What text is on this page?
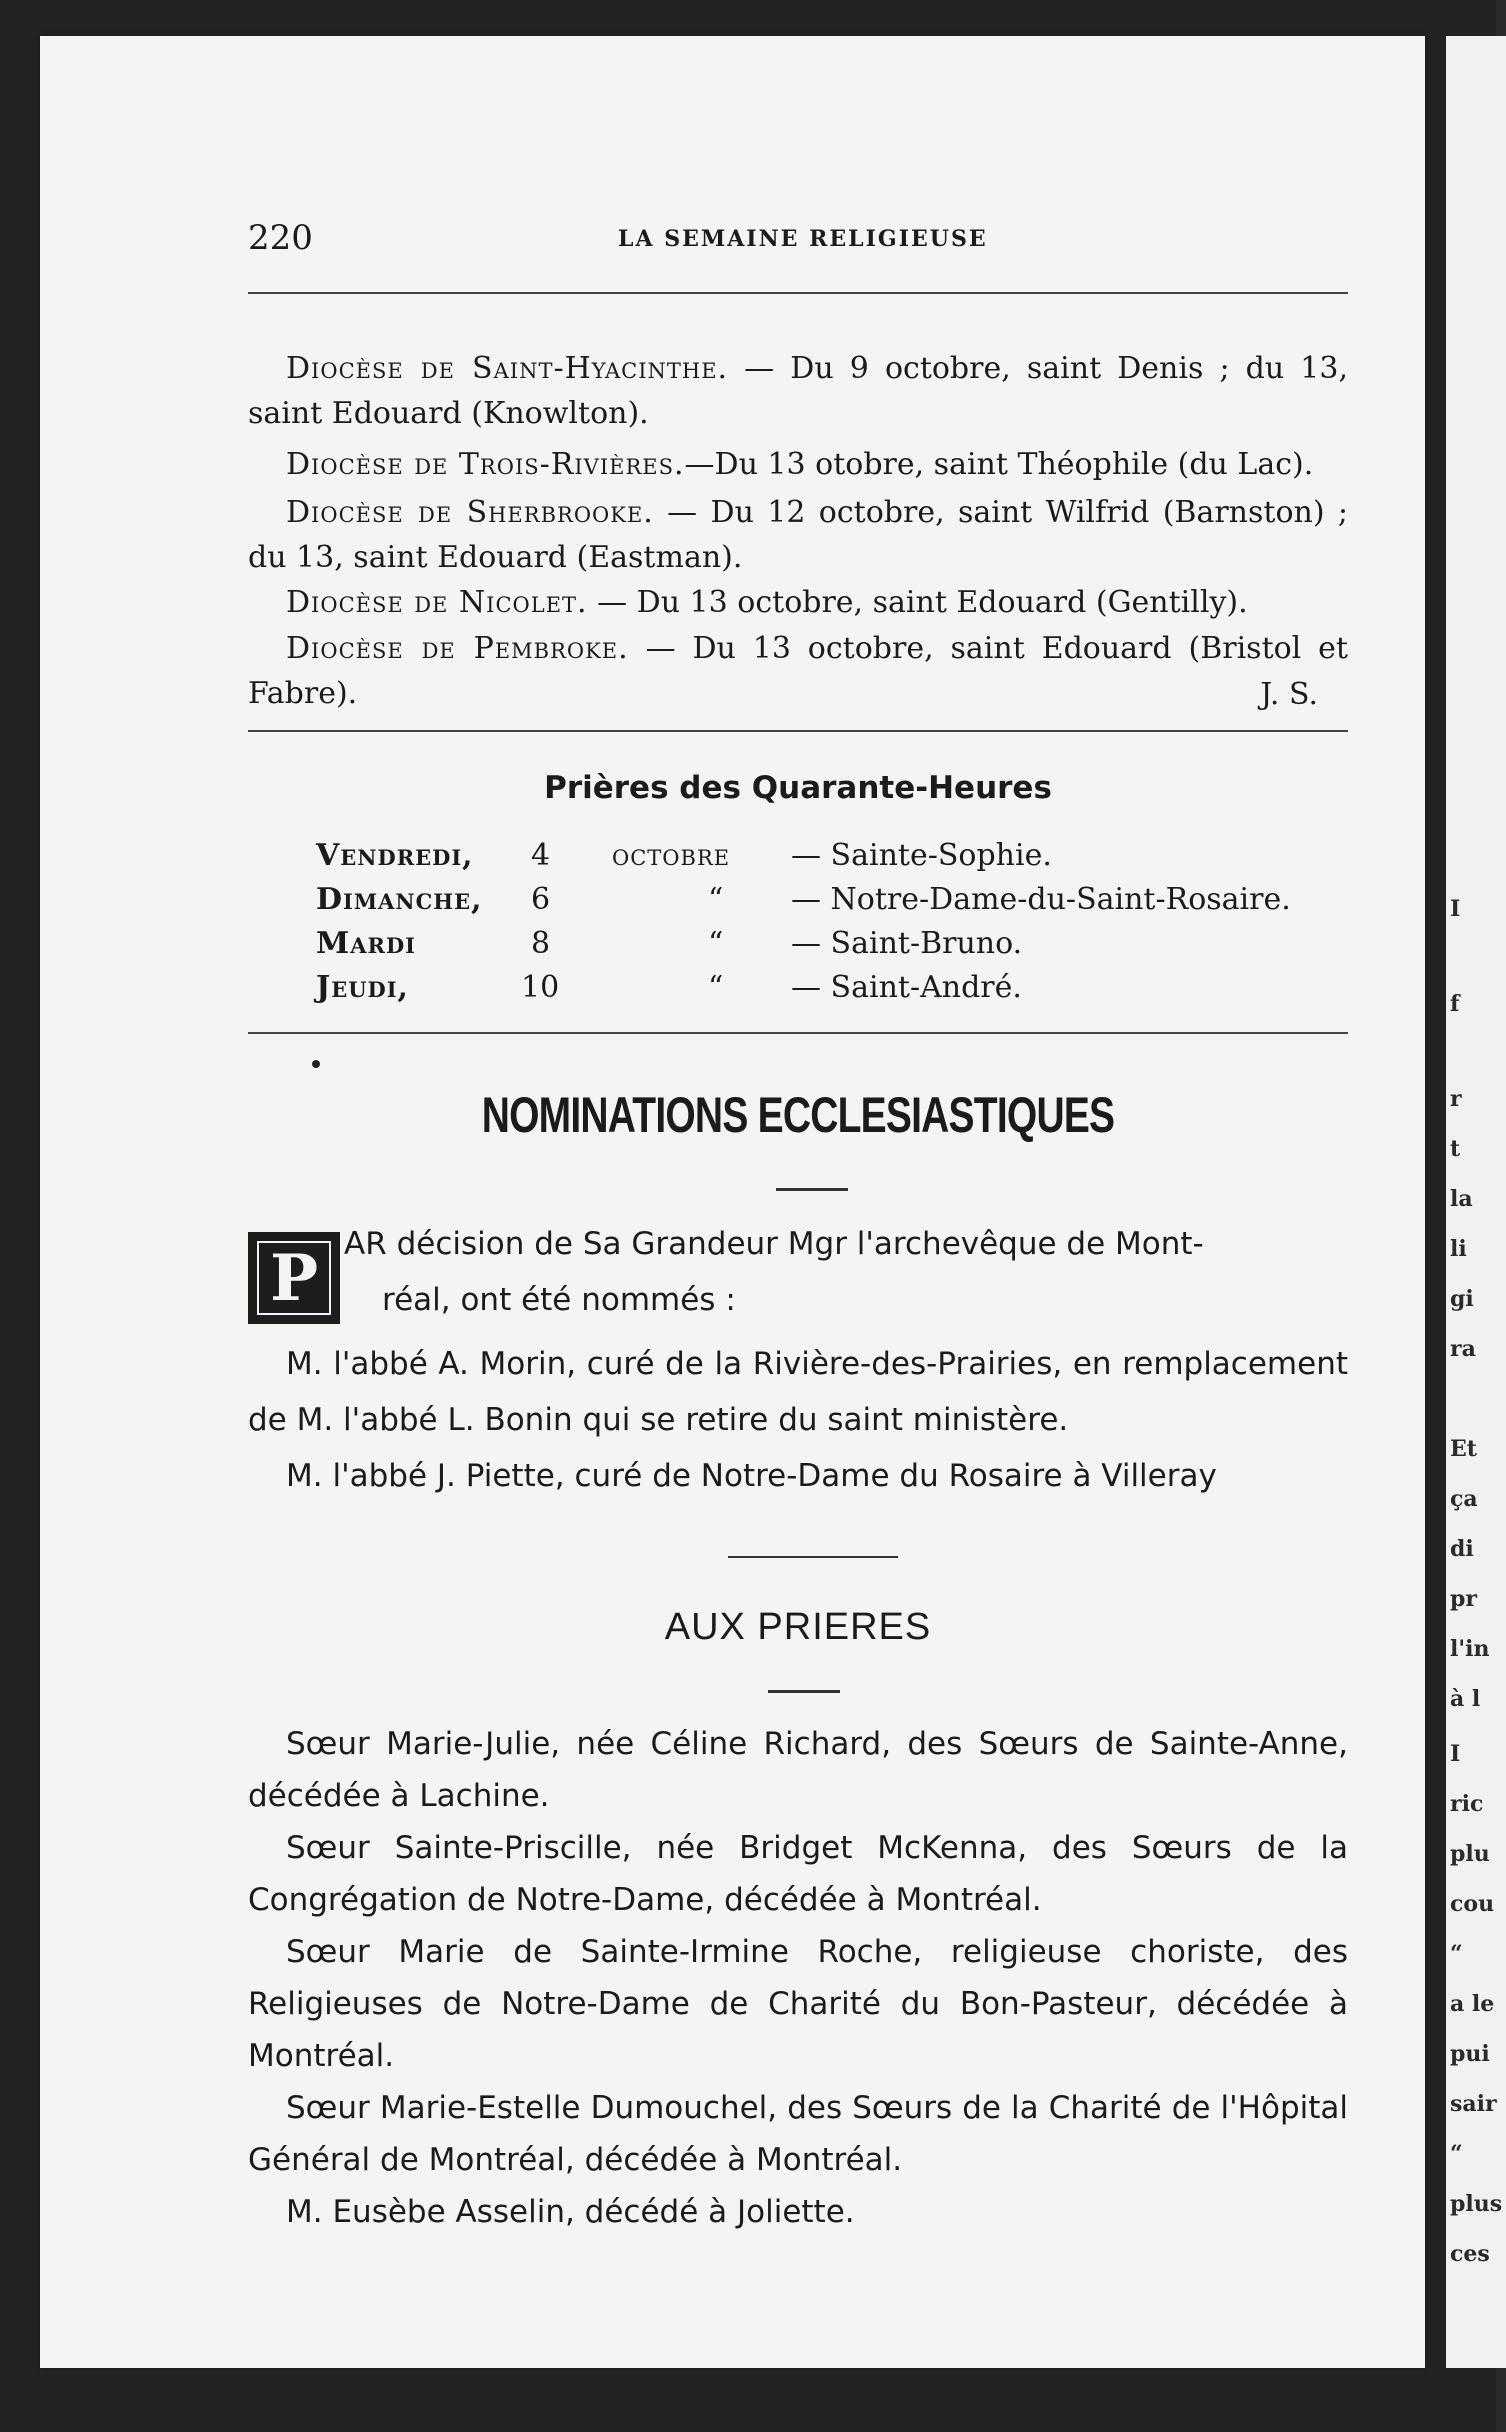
I
f
r
t
la
li
gi
ra
Et
ça
di
pr
l'in
à l
I
ric
plu
cou
“
a le
pui
sair
“
plus
ces
220	LA SEMAINE RELIGIEUSE
Diocèse de Saint-Hyacinthe. — Du 9 octobre, saint Denis ; du 13, saint Edouard (Knowlton).
Diocèse de Trois-Rivières.—Du 13 otobre, saint Théophile (du Lac).
Diocèse de Sherbrooke. — Du 12 octobre, saint Wilfrid (Barnston) ; du 13, saint Edouard (Eastman).
Diocèse de Nicolet. — Du 13 octobre, saint Edouard (Gentilly).
Diocèse de Pembroke. — Du 13 octobre, saint Edouard (Bristol et Fabre).	J. S.
Prières des Quarante-Heures
Vendredi, 4 octobre — Sainte-Sophie.
Dimanche, 6	“ — Notre-Dame-du-Saint-Rosaire.
Mardi	8	“ — Saint-Bruno.
Jeudi,	10	“ — Saint-André.
NOMINATIONS ECCLESIASTIQUES
P AR décision de Sa Grandeur Mgr l'archevêque de Mont-
réal, ont été nommés :
M. l'abbé A. Morin, curé de la Rivière-des-Prairies, en remplacement de M. l'abbé L. Bonin qui se retire du saint ministère.
M. l'abbé J. Piette, curé de Notre-Dame du Rosaire à Villeray
AUX PRIERES
Sœur Marie-Julie, née Céline Richard, des Sœurs de Sainte-Anne, décédée à Lachine.
Sœur Sainte-Priscille, née Bridget McKenna, des Sœurs de la Congrégation de Notre-Dame, décédée à Montréal.
Sœur Marie de Sainte-Irmine Roche, religieuse choriste, des Religieuses de Notre-Dame de Charité du Bon-Pasteur, décédée à Montréal.
Sœur Marie-Estelle Dumouchel, des Sœurs de la Charité de l'Hôpital Général de Montréal, décédée à Montréal.
M. Eusèbe Asselin, décédé à Joliette.
